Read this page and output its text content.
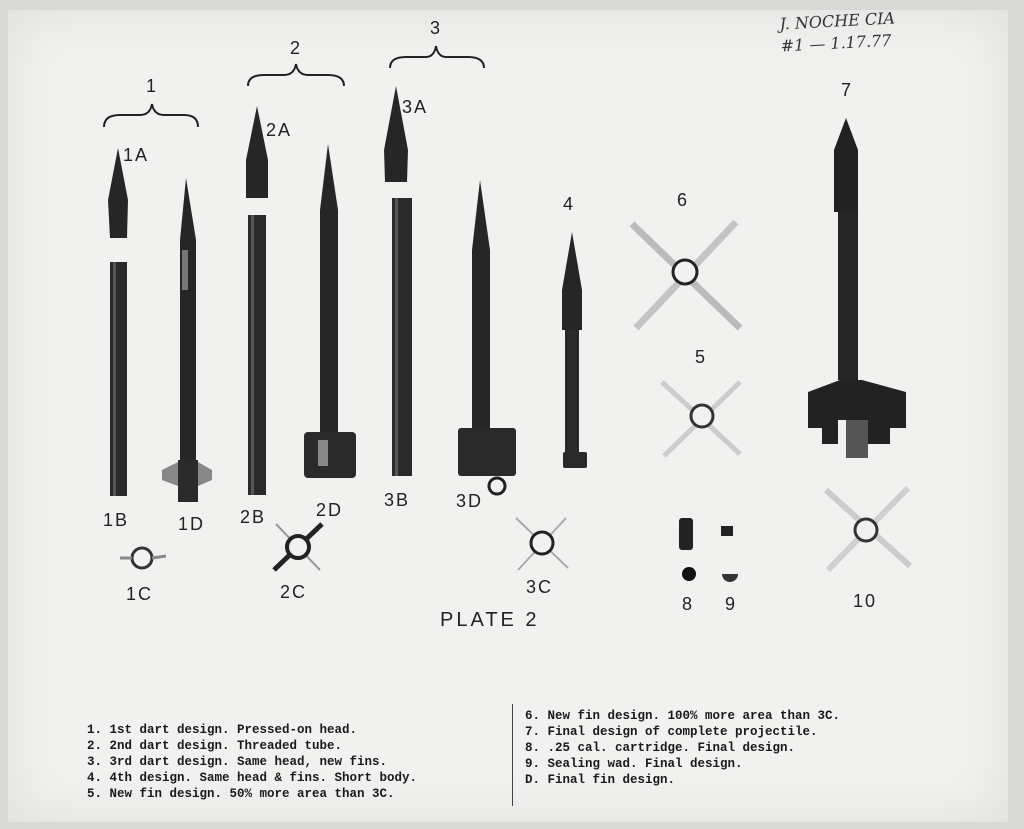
J. NOCHE CIA
#1 — 1.17.77
1
2
3
1A
1B
1C
1D
2A
2B
2C
2D
3A
3B
3C
3D
4
5
6
7
8 9	10
PLATE 2
1. 1st dart design. Pressed-on head.
2. 2nd dart design. Threaded tube.
3. 3rd dart design. Same head, new fins.
4. 4th design. Same head & fins. Short body.
5. New fin design. 50% more area than 3C.
6. New fin design. 100% more area than 3C.
7. Final design of complete projectile.
8. .25 cal. cartridge. Final design.
9. Sealing wad. Final design.
D. Final fin design.
